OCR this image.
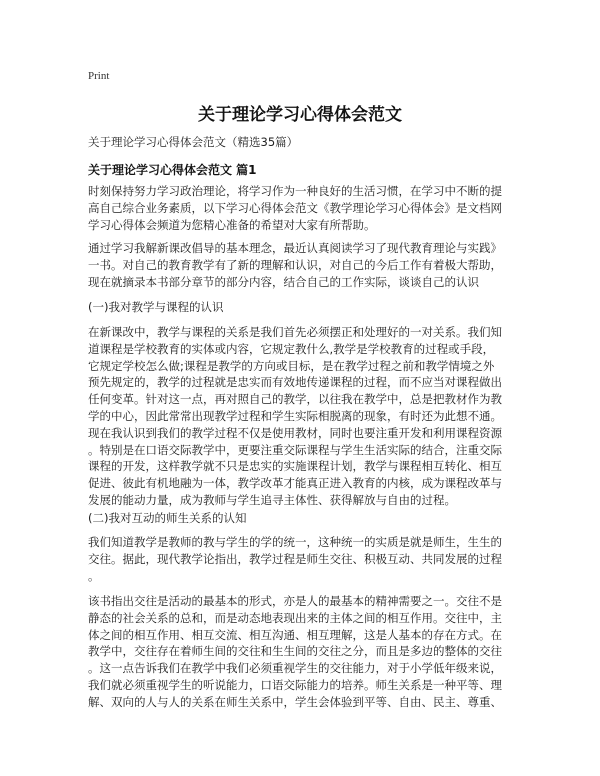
Print
关于理论学习心得体会范文
关于理论学习心得体会范文（精选35篇）
关于理论学习心得体会范文 篇1
时刻保持努力学习政治理论，将学习作为一种良好的生活习惯，在学习中不断的提
高自己综合业务素质，以下学习心得体会范文《教学理论学习心得体会》是文档网
学习心得体会频道为您精心准备的希望对大家有所帮助。
通过学习我解新课改倡导的基本理念，最近认真阅读学习了现代教育理论与实践》
一书。对自己的教育教学有了新的理解和认识，对自己的今后工作有着极大帮助，
现在就摘录本书部分章节的部分内容，结合自己的工作实际，谈谈自己的认识
(一)我对教学与课程的认识
在新课改中，教学与课程的关系是我们首先必须摆正和处理好的一对关系。我们知
道课程是学校教育的实体或内容，它规定教什么,教学是学校教育的过程或手段，
它规定学校怎么做;课程是教学的方向或目标，是在教学过程之前和教学情境之外
预先规定的，教学的过程就是忠实而有效地传递课程的过程，而不应当对课程做出
任何变革。针对这一点，再对照自己的教学，以往我在教学中，总是把教材作为教
学的中心，因此常常出现教学过程和学生实际相脱离的现象，有时还为此想不通。
现在我认识到我们的教学过程不仅是使用教材，同时也要注重开发和利用课程资源
。特别是在口语交际教学中，更要注重交际课程与学生生活实际的结合，注重交际
课程的开发，这样教学就不只是忠实的实施课程计划，教学与课程相互转化、相互
促进、彼此有机地融为一体，教学改革才能真正进入教育的内核，成为课程改革与
发展的能动力量，成为教师与学生追寻主体性、获得解放与自由的过程。
(二)我对互动的师生关系的认知
我们知道教学是教师的教与学生的学的统一，这种统一的实质是就是师生，生生的
交往。据此，现代教学论指出，教学过程是师生交往、积极互动、共同发展的过程
。
该书指出交往是活动的最基本的形式，亦是人的最基本的精神需要之一。交往不是
静态的社会关系的总和，而是动态地表现出来的主体之间的相互作用。交往中，主
体之间的相互作用、相互交流、相互沟通、相互理解，这是人基本的存在方式。在
教学中，交往存在着师生间的交往和生生间的交往之分，而且是多边的整体的交往
。这一点告诉我们在教学中我们必须重视学生的交往能力，对于小学低年级来说，
我们就必须重视学生的听说能力，口语交际能力的培养。师生关系是一种平等、理
解、双向的人与人的关系在师生关系中，学生会体验到平等、自由、民主、尊重、
